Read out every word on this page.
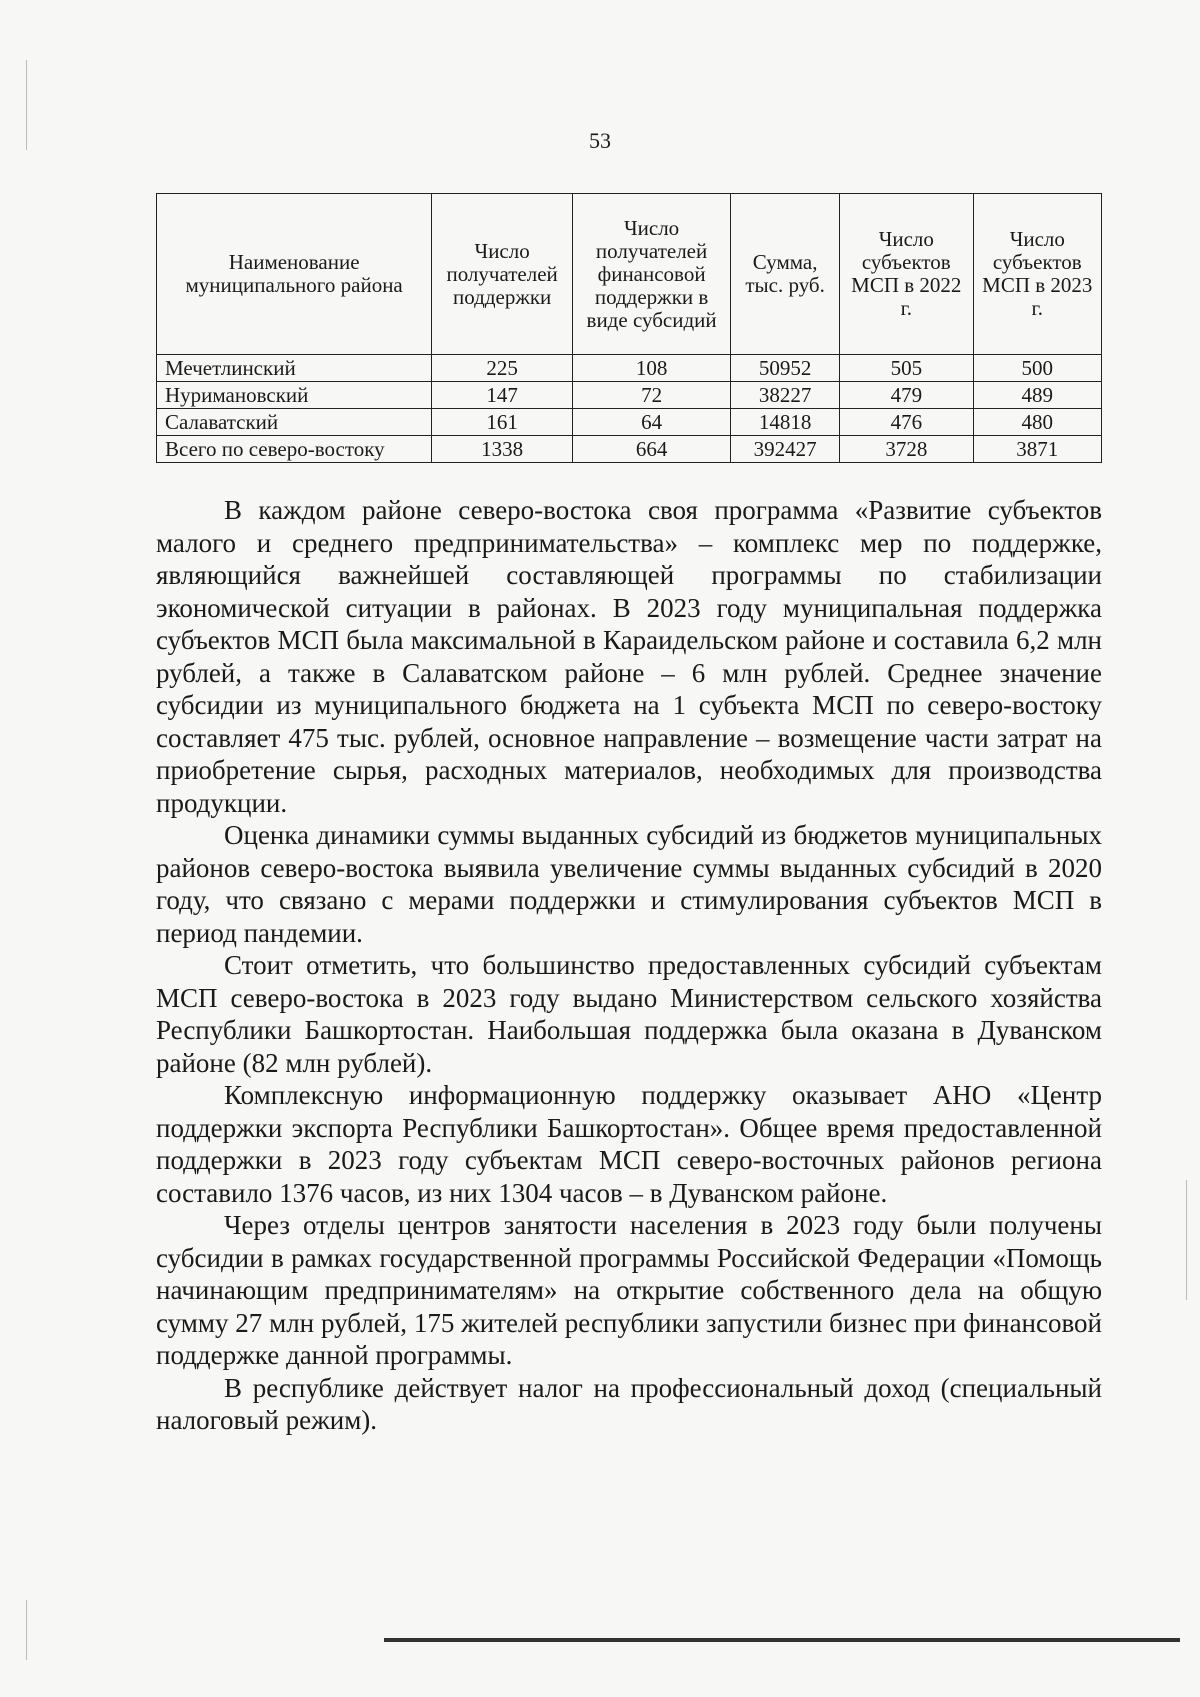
53
Наименование муниципального района	Число получателей поддержки	Число получателей финансовой поддержки в виде субсидий	Сумма, тыс. руб.	Число субъектов МСП в 2022 г.	Число субъектов МСП в 2023 г.
Мечетлинский	225	108	50952	505	500
Нуримановский	147	72	38227	479	489
Салаватский	161	64	14818	476	480
Всего по северо-востоку	1338	664	392427	3728	3871

В каждом районе северо-востока своя программа «Развитие субъектов малого и среднего предпринимательства» – комплекс мер по поддержке, являющийся важнейшей составляющей программы по стабилизации экономической ситуации в районах. В 2023 году муниципальная поддержка субъектов МСП была максимальной в Караидельском районе и составила 6,2 млн рублей, а также в Салаватском районе – 6 млн рублей. Среднее значение субсидии из муниципального бюджета на 1 субъекта МСП по северо-востоку составляет 475 тыс. рублей, основное направление – возмещение части затрат на приобретение сырья, расходных материалов, необходимых для производства продукции.

Оценка динамики суммы выданных субсидий из бюджетов муниципальных районов северо-востока выявила увеличение суммы выданных субсидий в 2020 году, что связано с мерами поддержки и стимулирования субъектов МСП в период пандемии.

Стоит отметить, что большинство предоставленных субсидий субъектам МСП северо-востока в 2023 году выдано Министерством сельского хозяйства Республики Башкортостан. Наибольшая поддержка была оказана в Дуванском районе (82 млн рублей).

Комплексную информационную поддержку оказывает АНО «Центр поддержки экспорта Республики Башкортостан». Общее время предоставленной поддержки в 2023 году субъектам МСП северо-восточных районов региона составило 1376 часов, из них 1304 часов – в Дуванском районе.

Через отделы центров занятости населения в 2023 году были получены субсидии в рамках государственной программы Российской Федерации «Помощь начинающим предпринимателям» на открытие собственного дела на общую сумму 27 млн рублей, 175 жителей республики запустили бизнес при финансовой поддержке данной программы.

В республике действует налог на профессиональный доход (специальный налоговый режим).
